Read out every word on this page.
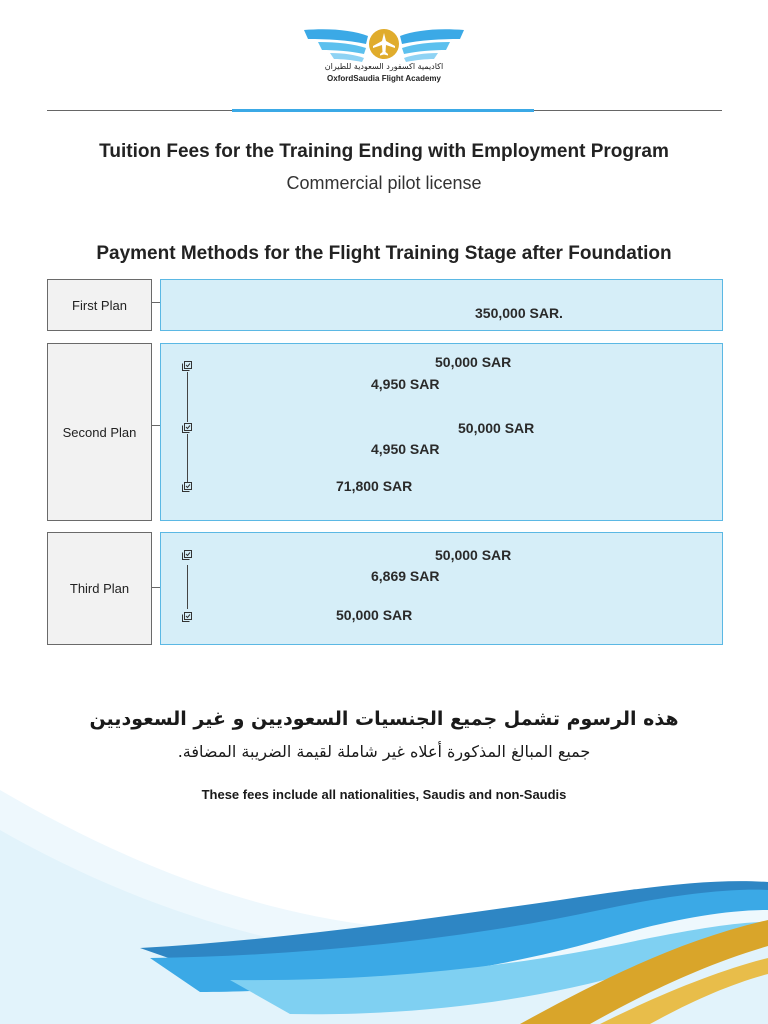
اكاديمية اكسفورد السعودية للطيران
OxfordSaudia Flight Academy
Tuition Fees for the Training Ending with Employment Program
Commercial pilot license
Payment Methods for the Flight Training Stage after Foundation
First Plan	350,000 SAR.
Second Plan
50,000 SAR
4,950 SAR
50,000 SAR
4,950 SAR
71,800 SAR
Third Plan
50,000 SAR
6,869 SAR
50,000 SAR
هذه الرسوم تشمل جميع الجنسيات السعوديين و غير السعوديين
جميع المبالغ المذكورة أعلاه غير شاملة لقيمة الضريبة المضافة.
These fees include all nationalities, Saudis and non-Saudis
